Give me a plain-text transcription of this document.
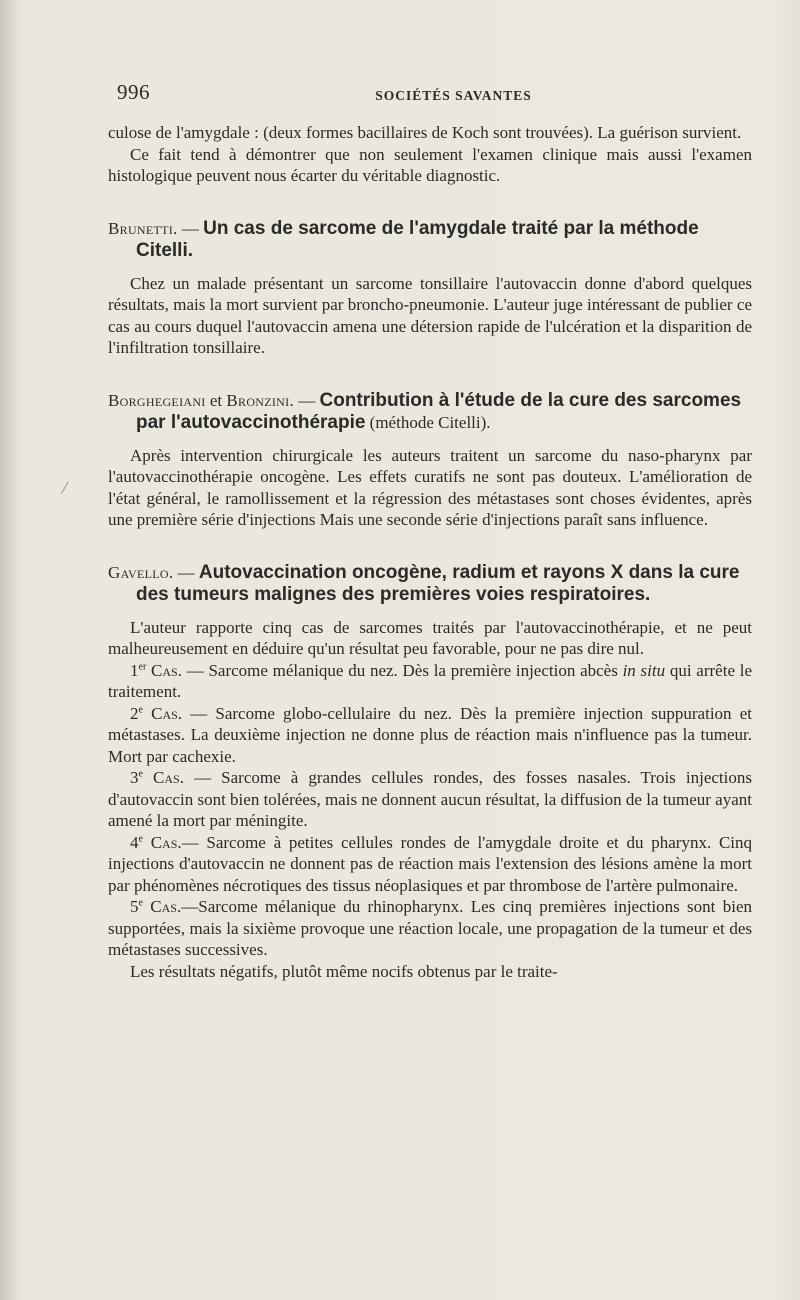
996	SOCIÉTÉS SAVANTES

culose de l'amygdale : (deux formes bacillaires de Koch sont trouvées). La guérison survient.

Ce fait tend à démontrer que non seulement l'examen clinique mais aussi l'examen histologique peuvent nous écarter du véritable diagnostic.

Brunetti. — Un cas de sarcome de l'amygdale traité par la méthode Citelli.

Chez un malade présentant un sarcome tonsillaire l'autovaccin donne d'abord quelques résultats, mais la mort survient par broncho-pneumonie. L'auteur juge intéressant de publier ce cas au cours duquel l'autovaccin amena une détersion rapide de l'ulcération et la disparition de l'infiltration tonsillaire.

Borghegeiani et Bronzini. — Contribution à l'étude de la cure des sarcomes par l'autovaccinothérapie (méthode Citelli).

Après intervention chirurgicale les auteurs traitent un sarcome du naso-pharynx par l'autovaccinothérapie oncogène. Les effets curatifs ne sont pas douteux. L'amélioration de l'état général, le ramollissement et la régression des métastases sont choses évidentes, après une première série d'injections Mais une seconde série d'injections paraît sans influence.

Gavello. — Autovaccination oncogène, radium et rayons X dans la cure des tumeurs malignes des premières voies respiratoires.

L'auteur rapporte cinq cas de sarcomes traités par l'autovaccinothérapie, et ne peut malheureusement en déduire qu'un résultat peu favorable, pour ne pas dire nul.

1er Cas. — Sarcome mélanique du nez. Dès la première injection abcès in situ qui arrête le traitement.

2e Cas. — Sarcome globo-cellulaire du nez. Dès la première injection suppuration et métastases. La deuxième injection ne donne plus de réaction mais n'influence pas la tumeur. Mort par cachexie.

3e Cas. — Sarcome à grandes cellules rondes, des fosses nasales. Trois injections d'autovaccin sont bien tolérées, mais ne donnent aucun résultat, la diffusion de la tumeur ayant amené la mort par méningite.

4e Cas.— Sarcome à petites cellules rondes de l'amygdale droite et du pharynx. Cinq injections d'autovaccin ne donnent pas de réaction mais l'extension des lésions amène la mort par phénomènes nécrotiques des tissus néoplasiques et par thrombose de l'artère pulmonaire.

5e Cas.—Sarcome mélanique du rhinopharynx. Les cinq premières injections sont bien supportées, mais la sixième provoque une réaction locale, une propagation de la tumeur et des métastases successives.

Les résultats négatifs, plutôt même nocifs obtenus par le traite-
